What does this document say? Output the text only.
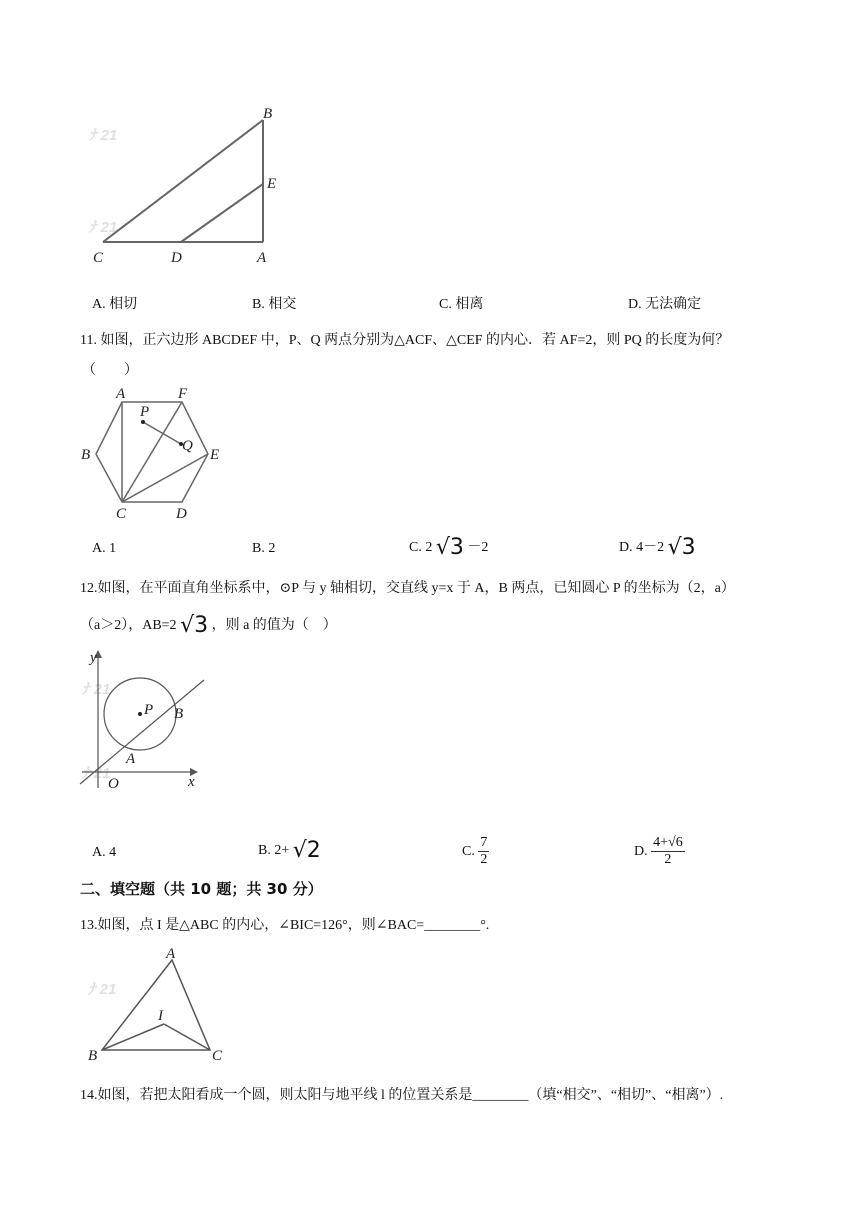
ﾅ 21
ﾅ 21
B
E
C	D	A
A. 相切	B. 相交	C. 相离	D. 无法确定
11. 如图，正六边形 ABCDEF 中，P、Q 两点分别为△ACF、△CEF 的内心．若 AF=2，则 PQ 的长度为何？
（　　）
A	F
P
Q
B	E
C	D
A. 1	B. 2	C. 2 √3 －2	D. 4－2 √3
12.如图，在平面直角坐标系中，⊙P 与 y 轴相切，交直线 y=x 于 A，B 两点，已知圆心 P 的坐标为（2，a）
（a＞2），AB=2 √3 ，则 a 的值为（　）
ﾅ 21
ﾅ 21
y
x
O
P
A
B
A. 4	B. 2+ √2	C. $\frac{7}{2}$	D. $\frac{4+√6}{2}$
二、填空题（共 10 题；共 30 分）
13.如图，点 I 是△ABC 的内心，∠BIC=126°，则∠BAC=________°.
ﾅ 21
A
I
B	C
14.如图，若把太阳看成一个圆，则太阳与地平线 l 的位置关系是________（填“相交”、“相切”、“相离”）.
